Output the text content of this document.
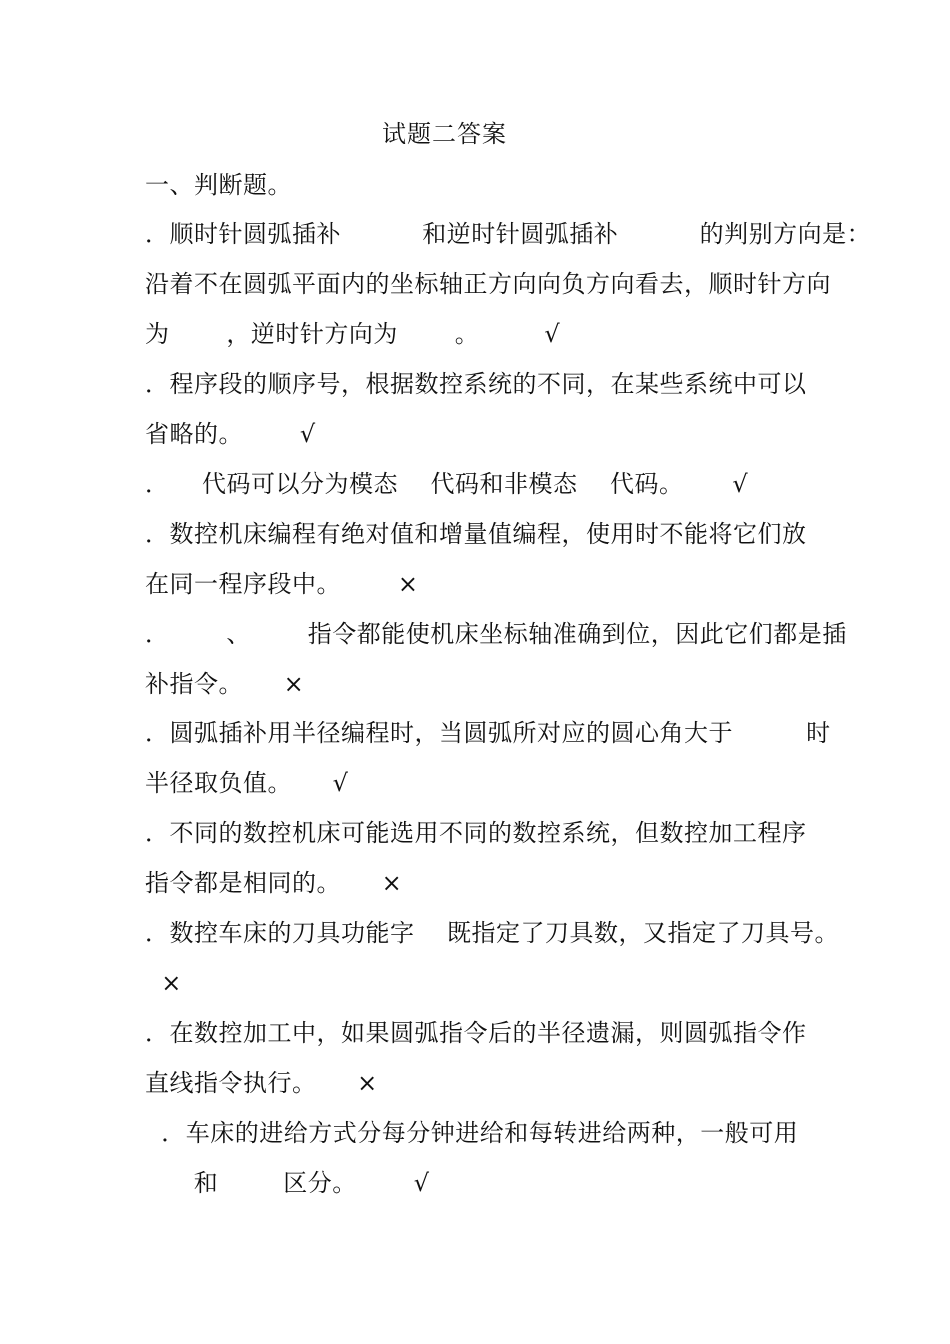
试题二答案
一、判断题。
．顺时针圆弧插补          和逆时针圆弧插补          的判别方向是：
沿着不在圆弧平面内的坐标轴正方向向负方向看去，顺时针方向
为       ，逆时针方向为       。        √
．程序段的顺序号，根据数控系统的不同，在某些系统中可以
省略的。       √
．    代码可以分为模态    代码和非模态    代码。      √
．数控机床编程有绝对值和增量值编程，使用时不能将它们放
在同一程序段中。       ×
．       、       指令都能使机床坐标轴准确到位，因此它们都是插
补指令。     ×
．圆弧插补用半径编程时，当圆弧所对应的圆心角大于         时
半径取负值。     √
．不同的数控机床可能选用不同的数控系统，但数控加工程序
指令都是相同的。     ×
．数控车床的刀具功能字    既指定了刀具数，又指定了刀具号。
×
．在数控加工中，如果圆弧指令后的半径遗漏，则圆弧指令作
直线指令执行。     ×
．车床的进给方式分每分钟进给和每转进给两种，一般可用
和        区分。       √
